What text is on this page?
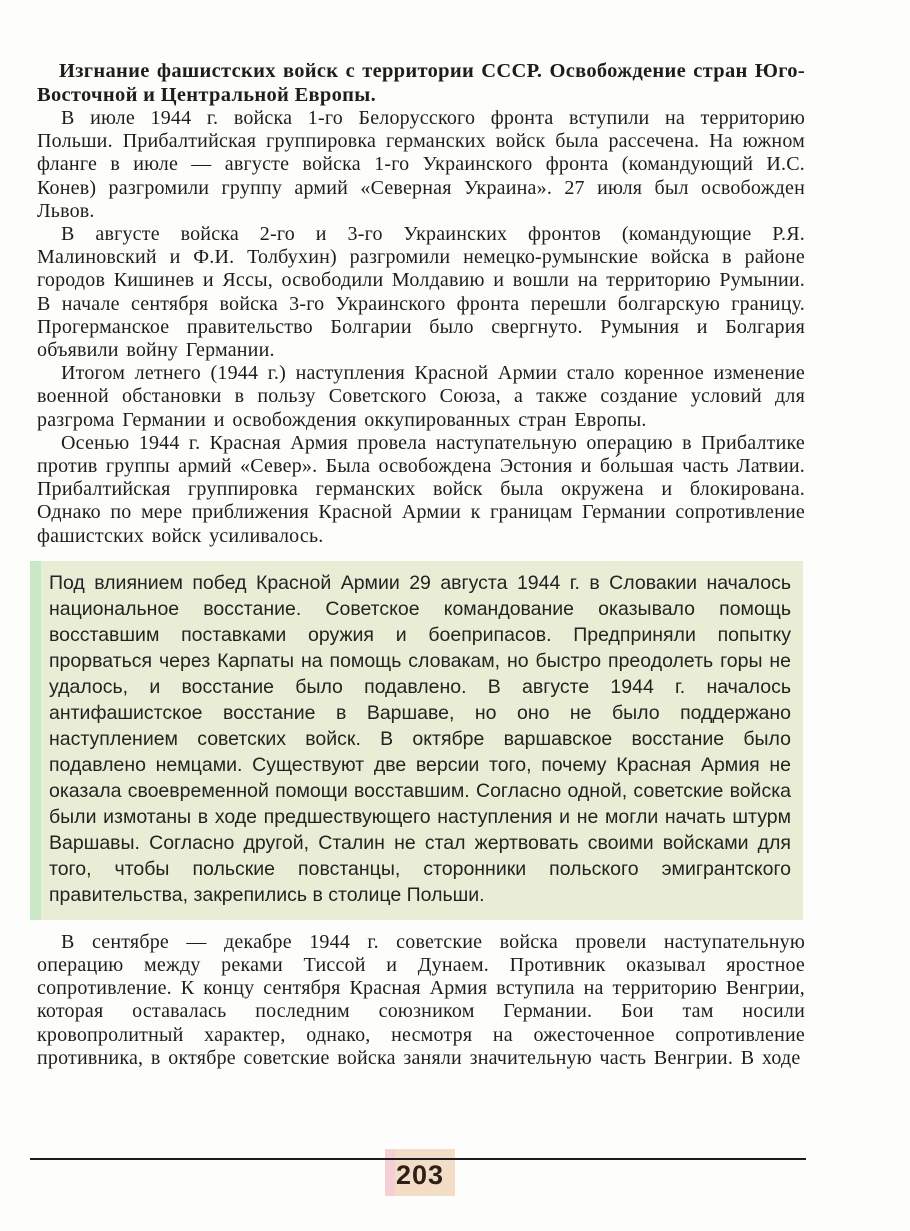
Изгнание фашистских войск с территории СССР. Освобождение стран Юго-Восточной и Центральной Европы.

В июле 1944 г. войска 1-го Белорусского фронта вступили на территорию Польши. Прибалтийская группировка германских войск была рассечена. На южном фланге в июле — августе войска 1-го Украинского фронта (командующий И.С. Конев) разгромили группу армий «Северная Украина». 27 июля был освобожден Львов.

В августе войска 2-го и 3-го Украинских фронтов (командующие Р.Я. Малиновский и Ф.И. Толбухин) разгромили немецко-румынские войска в районе городов Кишинев и Яссы, освободили Молдавию и вошли на территорию Румынии. В начале сентября войска 3-го Украинского фронта перешли болгарскую границу. Прогерманское правительство Болгарии было свергнуто. Румыния и Болгария объявили войну Германии.

Итогом летнего (1944 г.) наступления Красной Армии стало коренное изменение военной обстановки в пользу Советского Союза, а также создание условий для разгрома Германии и освобождения оккупированных стран Европы.

Осенью 1944 г. Красная Армия провела наступательную операцию в Прибалтике против группы армий «Север». Была освобождена Эстония и бо́льшая часть Латвии. Прибалтийская группировка германских войск была окружена и блокирована. Однако по мере приближения Красной Армии к границам Германии сопротивление фашистских войск усиливалось.

Под влиянием побед Красной Армии 29 августа 1944 г. в Словакии началось национальное восстание. Советское командование оказывало помощь восставшим поставками оружия и боеприпасов. Предприняли попытку прорваться через Карпаты на помощь словакам, но быстро преодолеть горы не удалось, и восстание было подавлено. В августе 1944 г. началось антифашистское восстание в Варшаве, но оно не было поддержано наступлением советских войск. В октябре варшавское восстание было подавлено немцами. Существуют две версии того, почему Красная Армия не оказала своевременной помощи восставшим. Согласно одной, советские войска были измотаны в ходе предшествующего наступления и не могли начать штурм Варшавы. Согласно другой, Сталин не стал жертвовать своими войсками для того, чтобы польские повстанцы, сторонники польского эмигрантского правительства, закрепились в столице Польши.

В сентябре — декабре 1944 г. советские войска провели наступательную операцию между реками Тиссой и Дунаем. Противник оказывал яростное сопротивление. К концу сентября Красная Армия вступила на территорию Венгрии, которая оставалась последним союзником Германии. Бои там носили кровопролитный характер, однако, несмотря на ожесточенное сопротивление противника, в октябре советские войска заняли значительную часть Венгрии. В ходе

203
